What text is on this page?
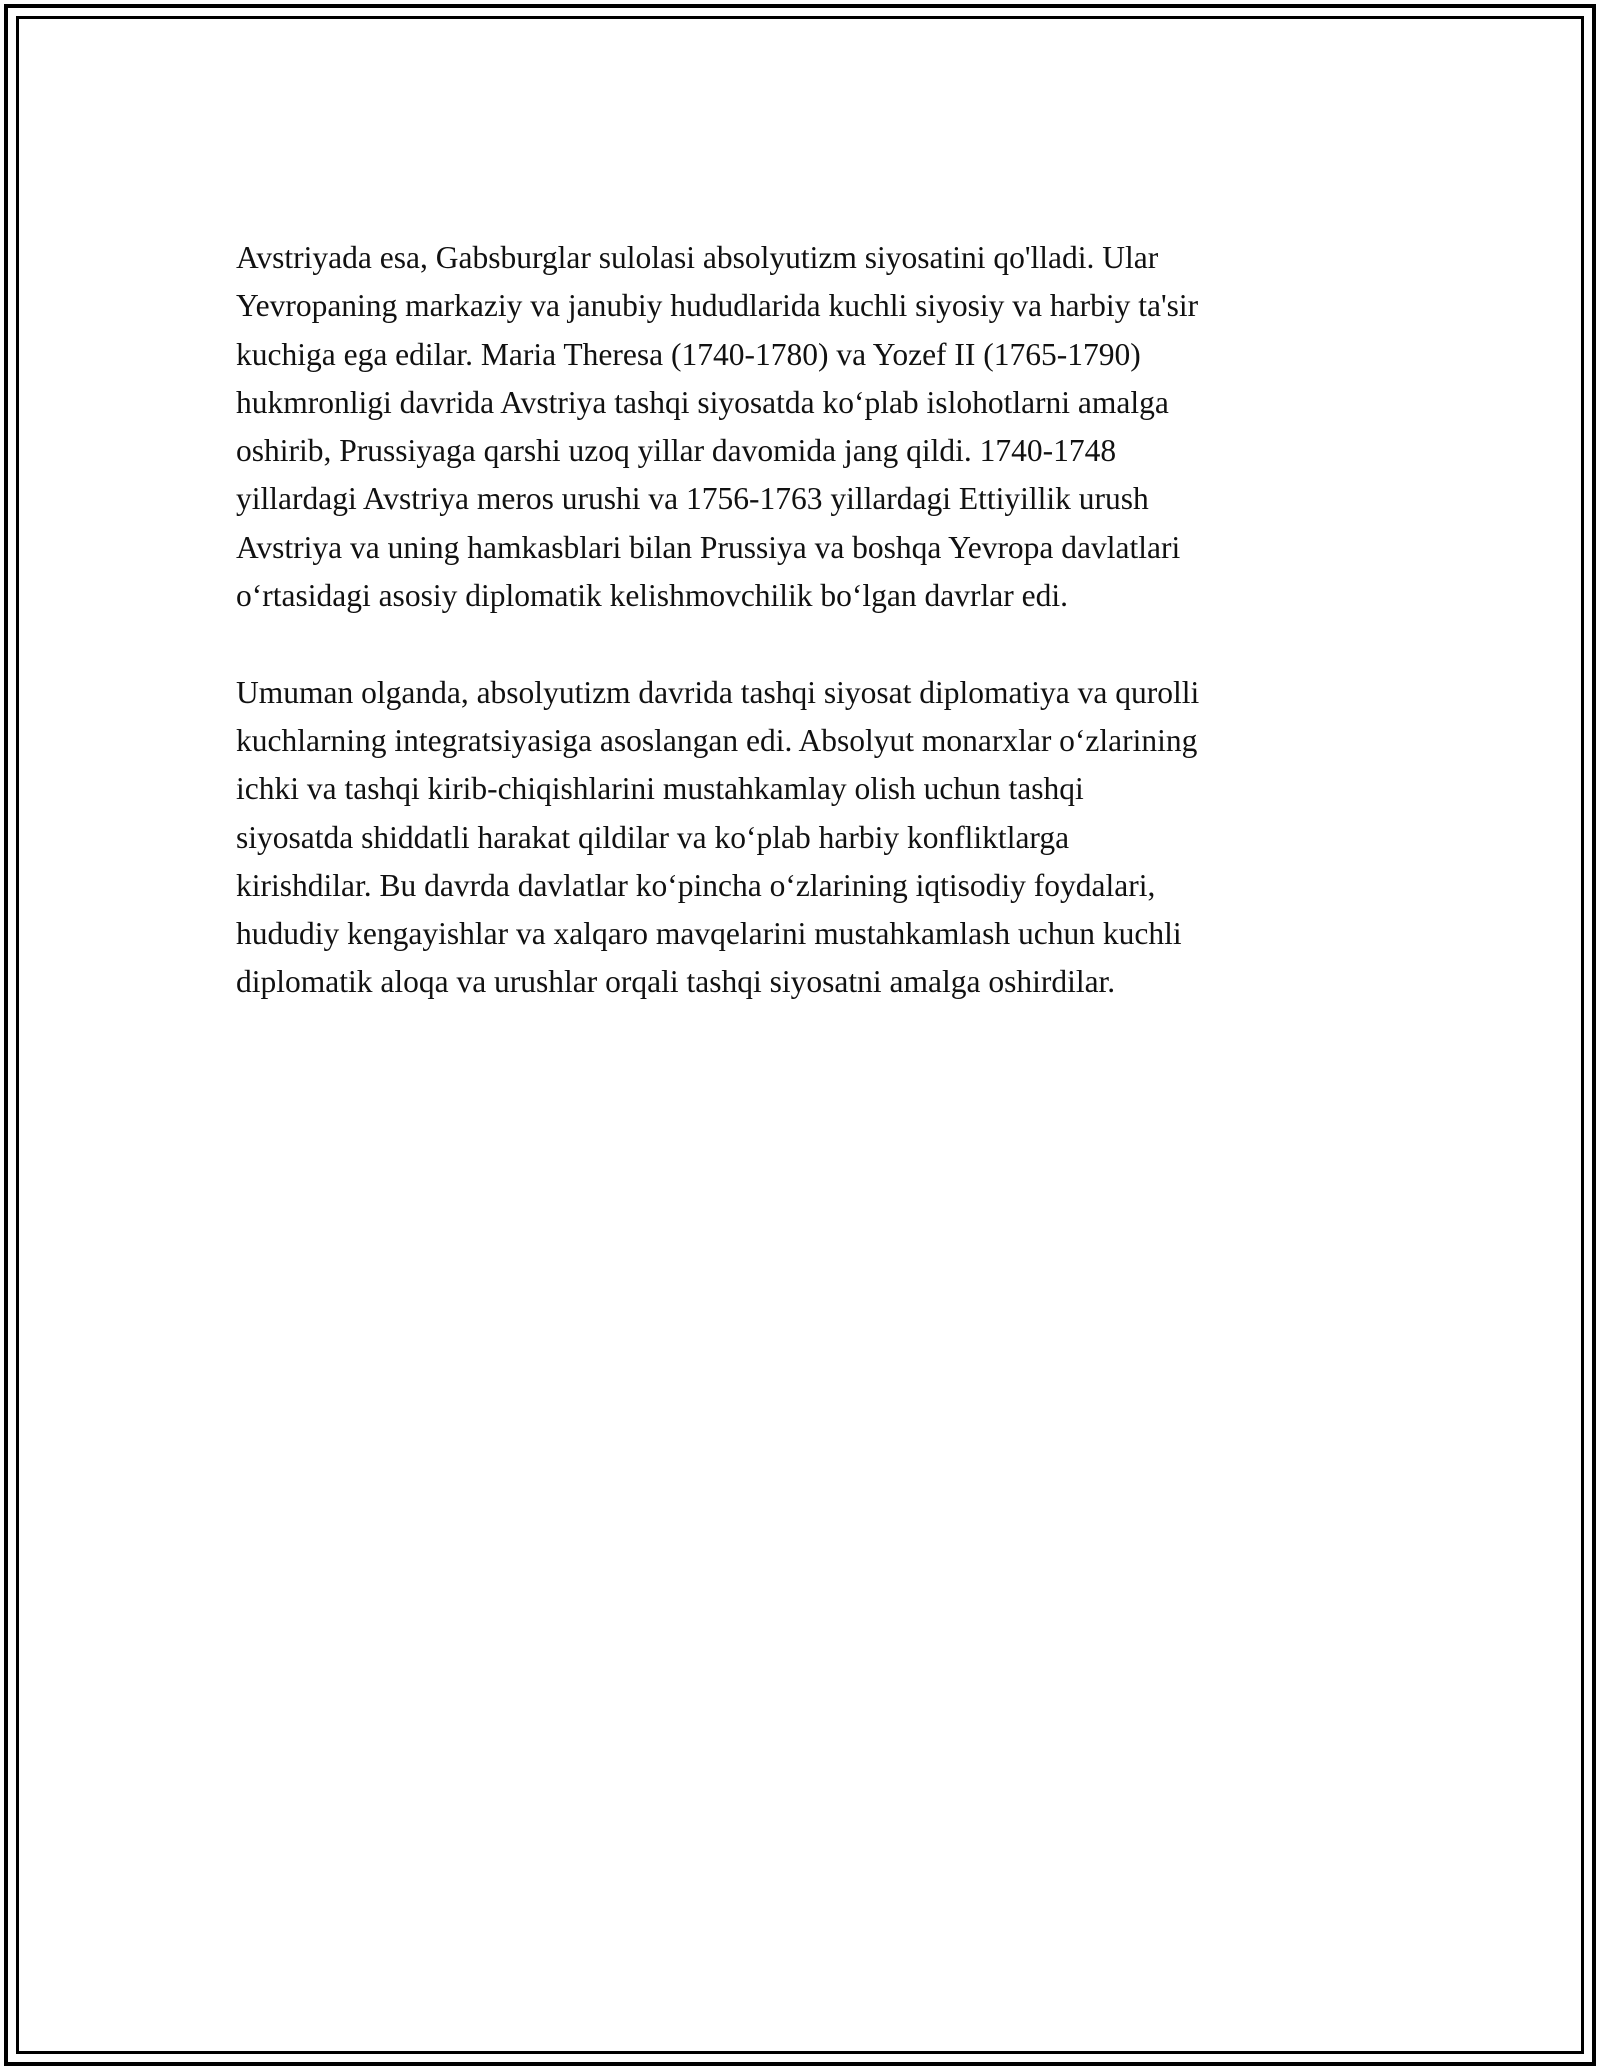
Avstriyada esa, Gabsburglar sulolasi absolyutizm siyosatini qo'lladi. Ular
Yevropaning markaziy va janubiy hududlarida kuchli siyosiy va harbiy ta'sir
kuchiga ega edilar. Maria Theresa (1740-1780) va Yozef II (1765-1790)
hukmronligi davrida Avstriya tashqi siyosatda ko‘plab islohotlarni amalga
oshirib, Prussiyaga qarshi uzoq yillar davomida jang qildi. 1740-1748
yillardagi Avstriya meros urushi va 1756-1763 yillardagi Ettiyillik urush
Avstriya va uning hamkasblari bilan Prussiya va boshqa Yevropa davlatlari
o‘rtasidagi asosiy diplomatik kelishmovchilik bo‘lgan davrlar edi.

Umuman olganda, absolyutizm davrida tashqi siyosat diplomatiya va qurolli
kuchlarning integratsiyasiga asoslangan edi. Absolyut monarxlar o‘zlarining
ichki va tashqi kirib-chiqishlarini mustahkamlay olish uchun tashqi
siyosatda shiddatli harakat qildilar va ko‘plab harbiy konfliktlarga
kirishdilar. Bu davrda davlatlar ko‘pincha o‘zlarining iqtisodiy foydalari,
hududiy kengayishlar va xalqaro mavqelarini mustahkamlash uchun kuchli
diplomatik aloqa va urushlar orqali tashqi siyosatni amalga oshirdilar.
